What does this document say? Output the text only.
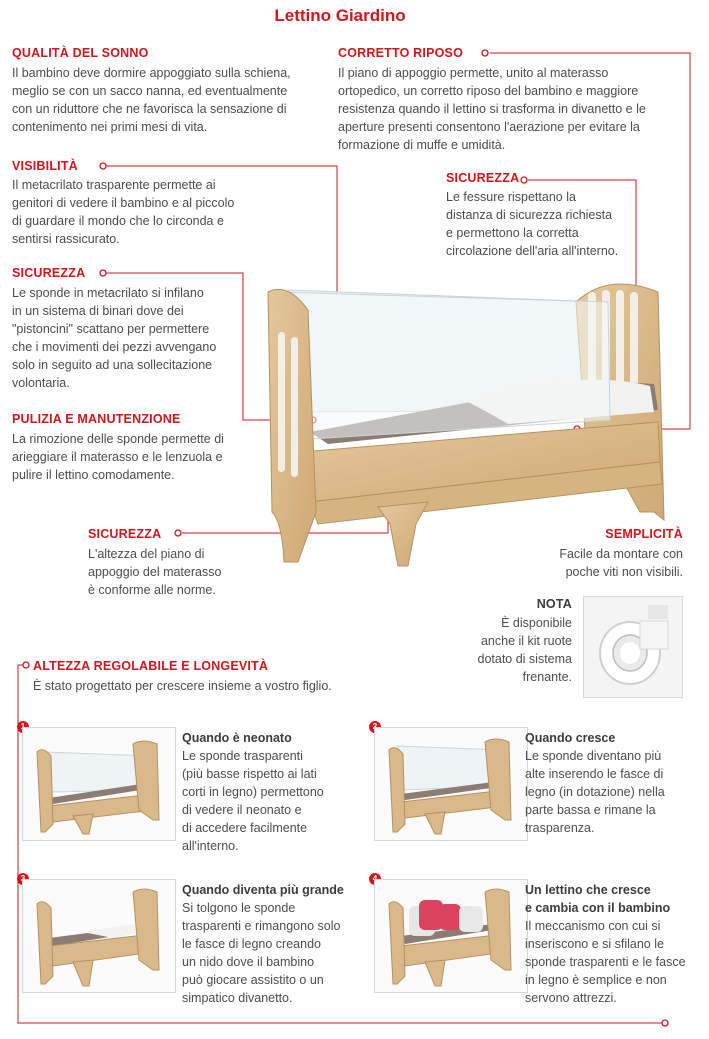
Lettino Giardino
QUALITÀ DEL SONNO
Il bambino deve dormire appoggiato sulla schiena,
meglio se con un sacco nanna, ed eventualmente
con un riduttore che ne favorisca la sensazione di
contenimento nei primi mesi di vita.
CORRETTO RIPOSO
Il piano di appoggio permette, unito al materasso
ortopedico, un corretto riposo del bambino e maggiore
resistenza quando il lettino si trasforma in divanetto e le
aperture presenti consentono l'aerazione per evitare la
formazione di muffe e umidità.
VISIBILITÀ
Il metacrilato trasparente permette ai
genitori di vedere il bambino e al piccolo
di guardare il mondo che lo circonda e
sentirsi rassicurato.
SICUREZZA
Le fessure rispettano la
distanza di sicurezza richiesta
e permettono la corretta
circolazione dell'aria all'interno.
SICUREZZA
Le sponde in metacrilato si infilano
in un sistema di binari dove dei
"pistoncini" scattano per permettere
che i movimenti dei pezzi avvengano
solo in seguito ad una sollecitazione
volontaria.
PULIZIA E MANUTENZIONE
La rimozione delle sponde permette di
arieggiare il materasso e le lenzuola e
pulire il lettino comodamente.
SICUREZZA
L'altezza del piano di
appoggio del materasso
è conforme alle norme.
SEMPLICITÀ
Facile da montare con
poche viti non visibili.
NOTA
È disponibile
anche il kit ruote
dotato di sistema
frenante.
ALTEZZA REGOLABILE E LONGEVITÀ
È stato progettato per crescere insieme a vostro figlio.
Quando è neonato
Le sponde trasparenti
(più basse rispetto ai lati
corti in legno) permettono
di vedere il neonato e
di accedere facilmente
all'interno.
Quando cresce
Le sponde diventano più
alte inserendo le fasce di
legno (in dotazione) nella
parte bassa e rimane la
trasparenza.
Quando diventa più grande
Si tolgono le sponde
trasparenti e rimangono solo
le fasce di legno creando
un nido dove il bambino
può giocare assistito o un
simpatico divanetto.
Un lettino che cresce
e cambia con il bambino
Il meccanismo con cui si
inseriscono e si sfilano le
sponde trasparenti e le fasce
in legno è semplice e non
servono attrezzi.
